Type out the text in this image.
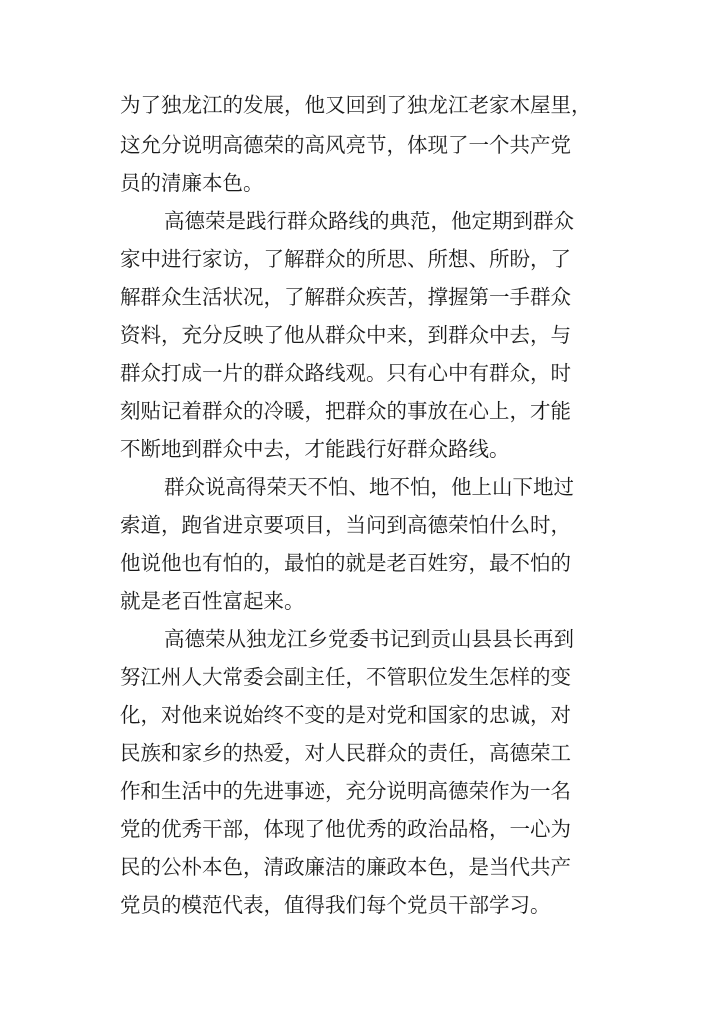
为了独龙江的发展，他又回到了独龙江老家木屋里，
这允分说明高德荣的高风亮节，体现了一个共产党
员的清廉本色。
高德荣是践行群众路线的典范，他定期到群众
家中进行家访，了解群众的所思、所想、所盼，了
解群众生活状况，了解群众疾苦，撑握第一手群众
资料，充分反映了他从群众中来，到群众中去，与
群众打成一片的群众路线观。只有心中有群众，时
刻贴记着群众的冷暖，把群众的事放在心上，才能
不断地到群众中去，才能践行好群众路线。
群众说高得荣天不怕、地不怕，他上山下地过
索道，跑省进京要项目，当问到高德荣怕什么时，
他说他也有怕的，最怕的就是老百姓穷，最不怕的
就是老百性富起来。
高德荣从独龙江乡党委书记到贡山县县长再到
努江州人大常委会副主任，不管职位发生怎样的变
化，对他来说始终不变的是对党和国家的忠诚，对
民族和家乡的热爱，对人民群众的责任，高德荣工
作和生活中的先进事迹，充分说明高德荣作为一名
党的优秀干部，体现了他优秀的政治品格，一心为
民的公朴本色，清政廉洁的廉政本色，是当代共产
党员的模范代表，值得我们每个党员干部学习。
